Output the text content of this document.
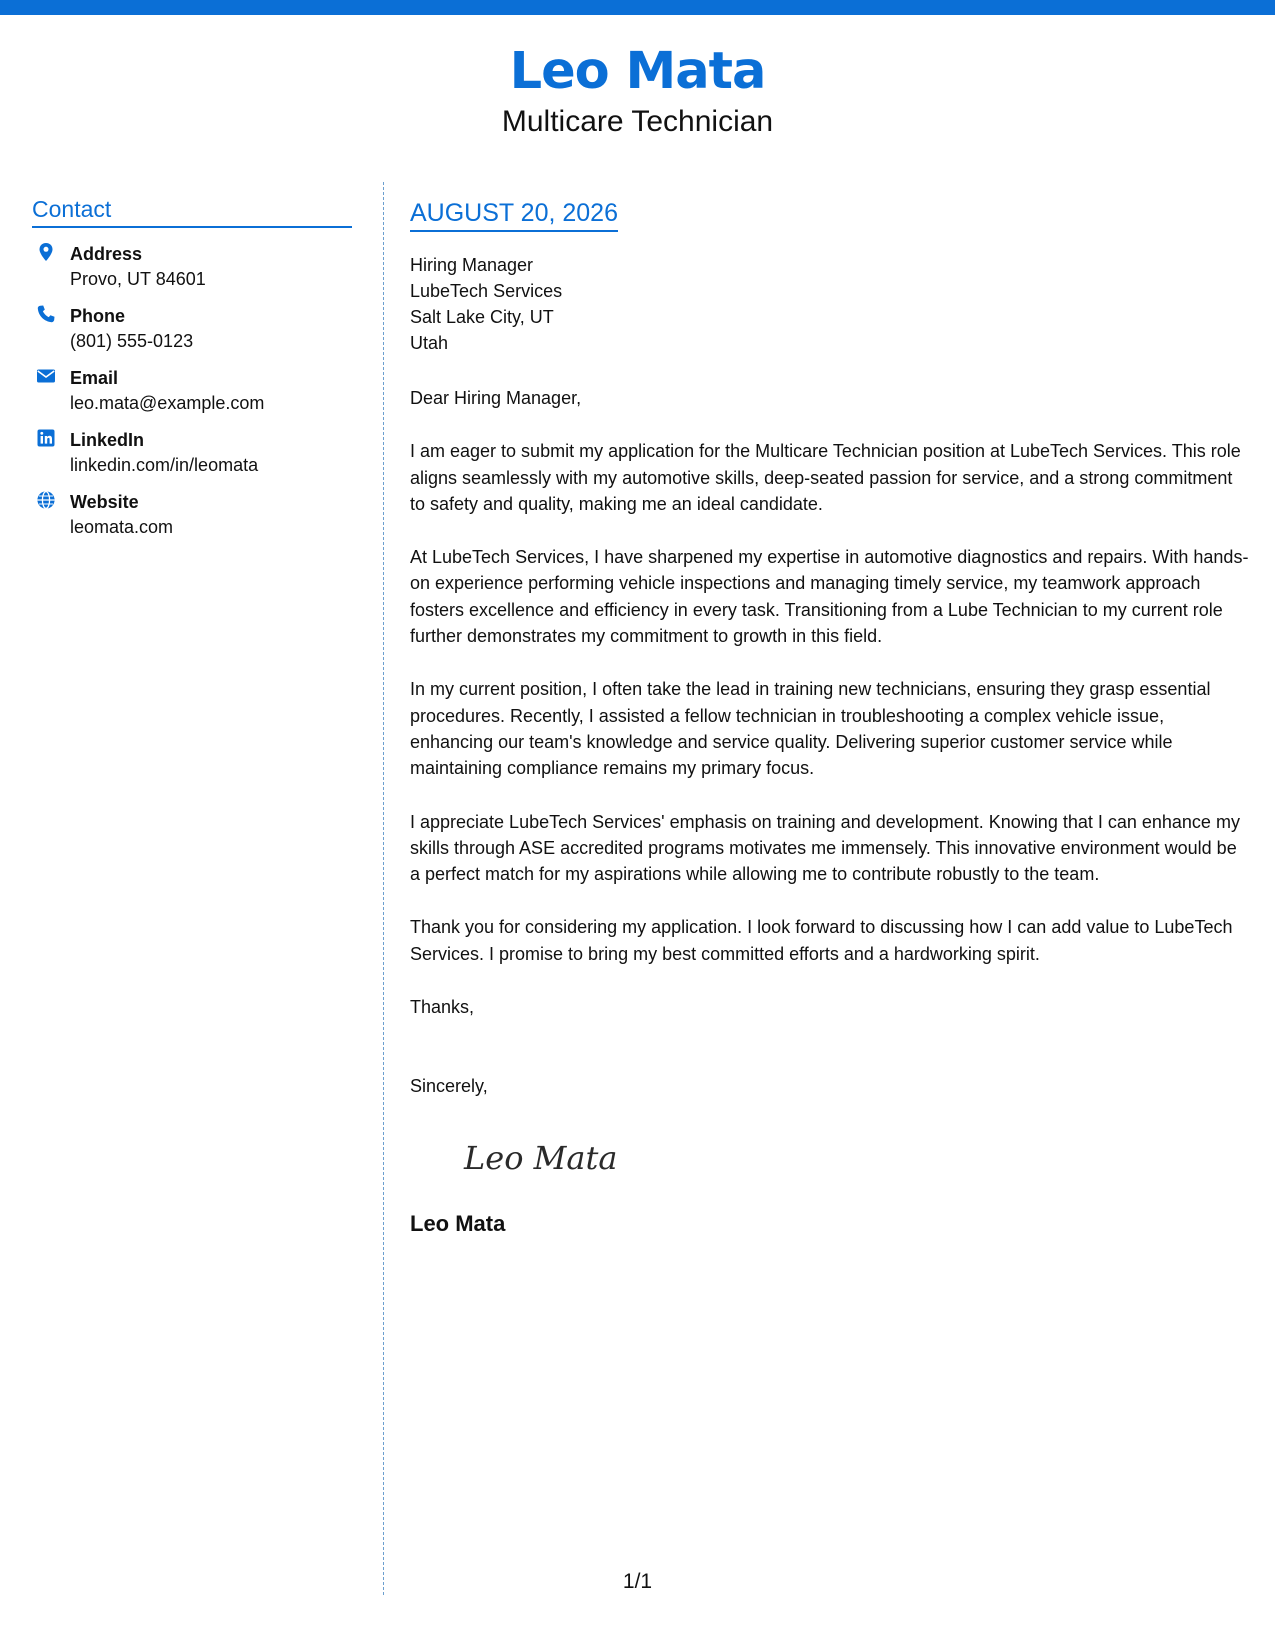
Leo Mata
Multicare Technician
Contact
Address
Provo, UT 84601
Phone
(801) 555-0123
Email
leo.mata@example.com
LinkedIn
linkedin.com/in/leomata
Website
leomata.com
AUGUST 20, 2026
Hiring Manager
LubeTech Services
Salt Lake City, UT
Utah
Dear Hiring Manager,
I am eager to submit my application for the Multicare Technician position at LubeTech Services. This role aligns seamlessly with my automotive skills, deep-seated passion for service, and a strong commitment to safety and quality, making me an ideal candidate.
At LubeTech Services, I have sharpened my expertise in automotive diagnostics and repairs. With hands-on experience performing vehicle inspections and managing timely service, my teamwork approach fosters excellence and efficiency in every task. Transitioning from a Lube Technician to my current role further demonstrates my commitment to growth in this field.
In my current position, I often take the lead in training new technicians, ensuring they grasp essential procedures. Recently, I assisted a fellow technician in troubleshooting a complex vehicle issue, enhancing our team's knowledge and service quality. Delivering superior customer service while maintaining compliance remains my primary focus.
I appreciate LubeTech Services' emphasis on training and development. Knowing that I can enhance my skills through ASE accredited programs motivates me immensely. This innovative environment would be a perfect match for my aspirations while allowing me to contribute robustly to the team.
Thank you for considering my application. I look forward to discussing how I can add value to LubeTech Services. I promise to bring my best committed efforts and a hardworking spirit.
Thanks,
Sincerely,
Leo Mata
Leo Mata
1/1
